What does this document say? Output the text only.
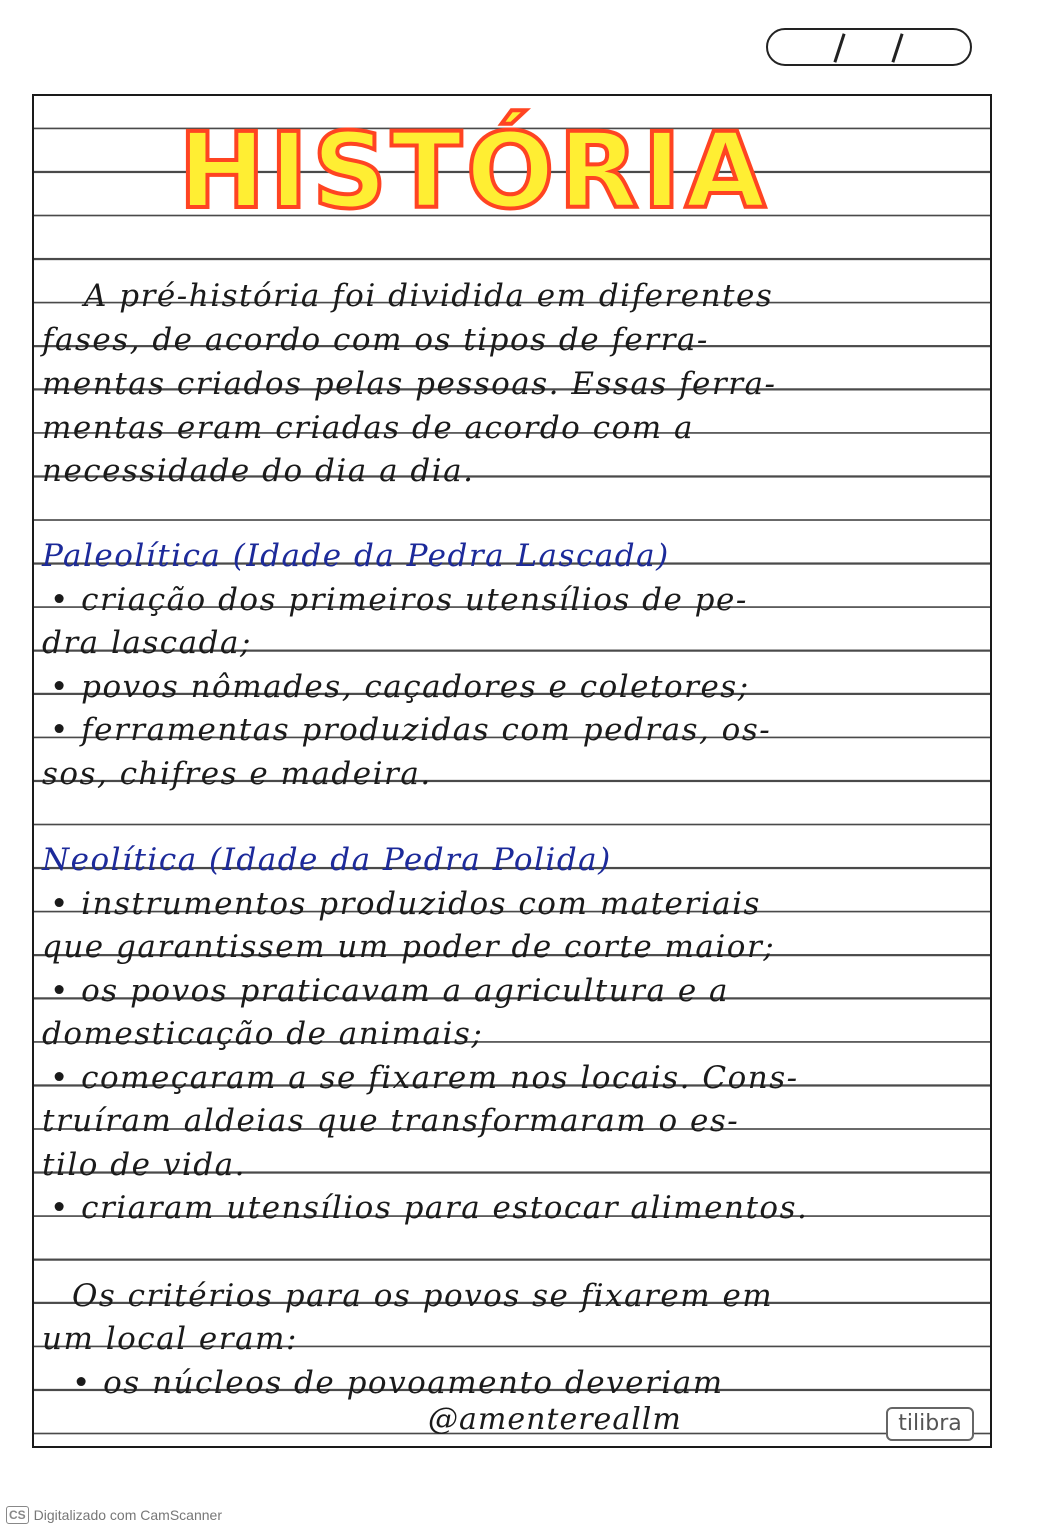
HISTÓRIA
A pré-história foi dividida em diferentes
fases, de acordo com os tipos de ferra-
mentas criados pelas pessoas. Essas ferra-
mentas eram criadas de acordo com a
necessidade do dia a dia.
Paleolítica (Idade da Pedra Lascada)
• criação dos primeiros utensílios de pe-
dra lascada;
• povos nômades, caçadores e coletores;
• ferramentas produzidas com pedras, os-
sos, chifres e madeira.
Neolítica (Idade da Pedra Polida)
• instrumentos produzidos com materiais
que garantissem um poder de corte maior;
• os povos praticavam a agricultura e a
domesticação de animais;
• começaram a se fixarem nos locais. Cons-
truíram aldeias que transformaram o es-
tilo de vida.
• criaram utensílios para estocar alimentos.
Os critérios para os povos se fixarem em
um local eram:
• os núcleos de povoamento deveriam
@amentereallm	tilibra
CS Digitalizado com CamScanner
